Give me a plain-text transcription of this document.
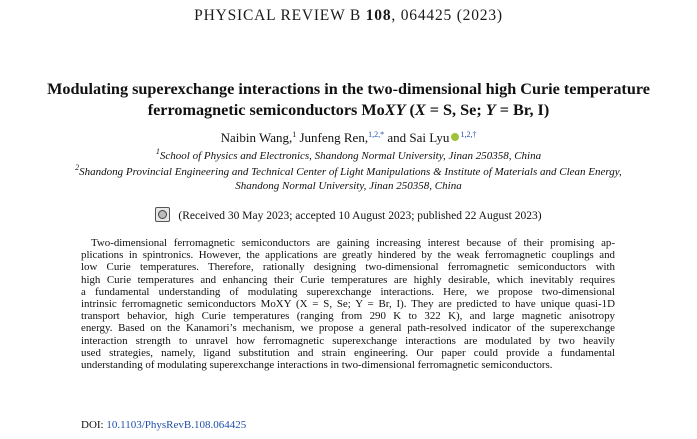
PHYSICAL REVIEW B 108, 064425 (2023)
Modulating superexchange interactions in the two-dimensional high Curie temperature
ferromagnetic semiconductors MoXY (X = S, Se; Y = Br, I)
Naibin Wang,$^1$ Junfeng Ren,$^{1,2,*}$ and Sai Lyu $^{1,2,\dagger}$
$^1$School of Physics and Electronics, Shandong Normal University, Jinan 250358, China
$^2$Shandong Provincial Engineering and Technical Center of Light Manipulations & Institute of Materials and Clean Energy,
Shandong Normal University, Jinan 250358, China
(Received 30 May 2023; accepted 10 August 2023; published 22 August 2023)
Two-dimensional ferromagnetic semiconductors are gaining increasing interest because of their promising ap-
plications in spintronics. However, the applications are greatly hindered by the weak ferromagnetic couplings and
low Curie temperatures. Therefore, rationally designing two-dimensional ferromagnetic semiconductors with
high Curie temperatures and enhancing their Curie temperatures are highly desirable, which inevitably requires
a fundamental understanding of modulating superexchange interactions. Here, we propose two-dimensional
intrinsic ferromagnetic semiconductors MoXY (X = S, Se; Y = Br, I). They are predicted to have unique quasi-1D
transport behavior, high Curie temperatures (ranging from 290 K to 322 K), and large magnetic anisotropy
energy. Based on the Kanamori’s mechanism, we propose a general path-resolved indicator of the superexchange
interaction strength to unravel how ferromagnetic superexchange interactions are modulated by two heavily
used strategies, namely, ligand substitution and strain engineering. Our paper could provide a fundamental
understanding of modulating superexchange interactions in two-dimensional ferromagnetic semiconductors.
DOI: 10.1103/PhysRevB.108.064425
